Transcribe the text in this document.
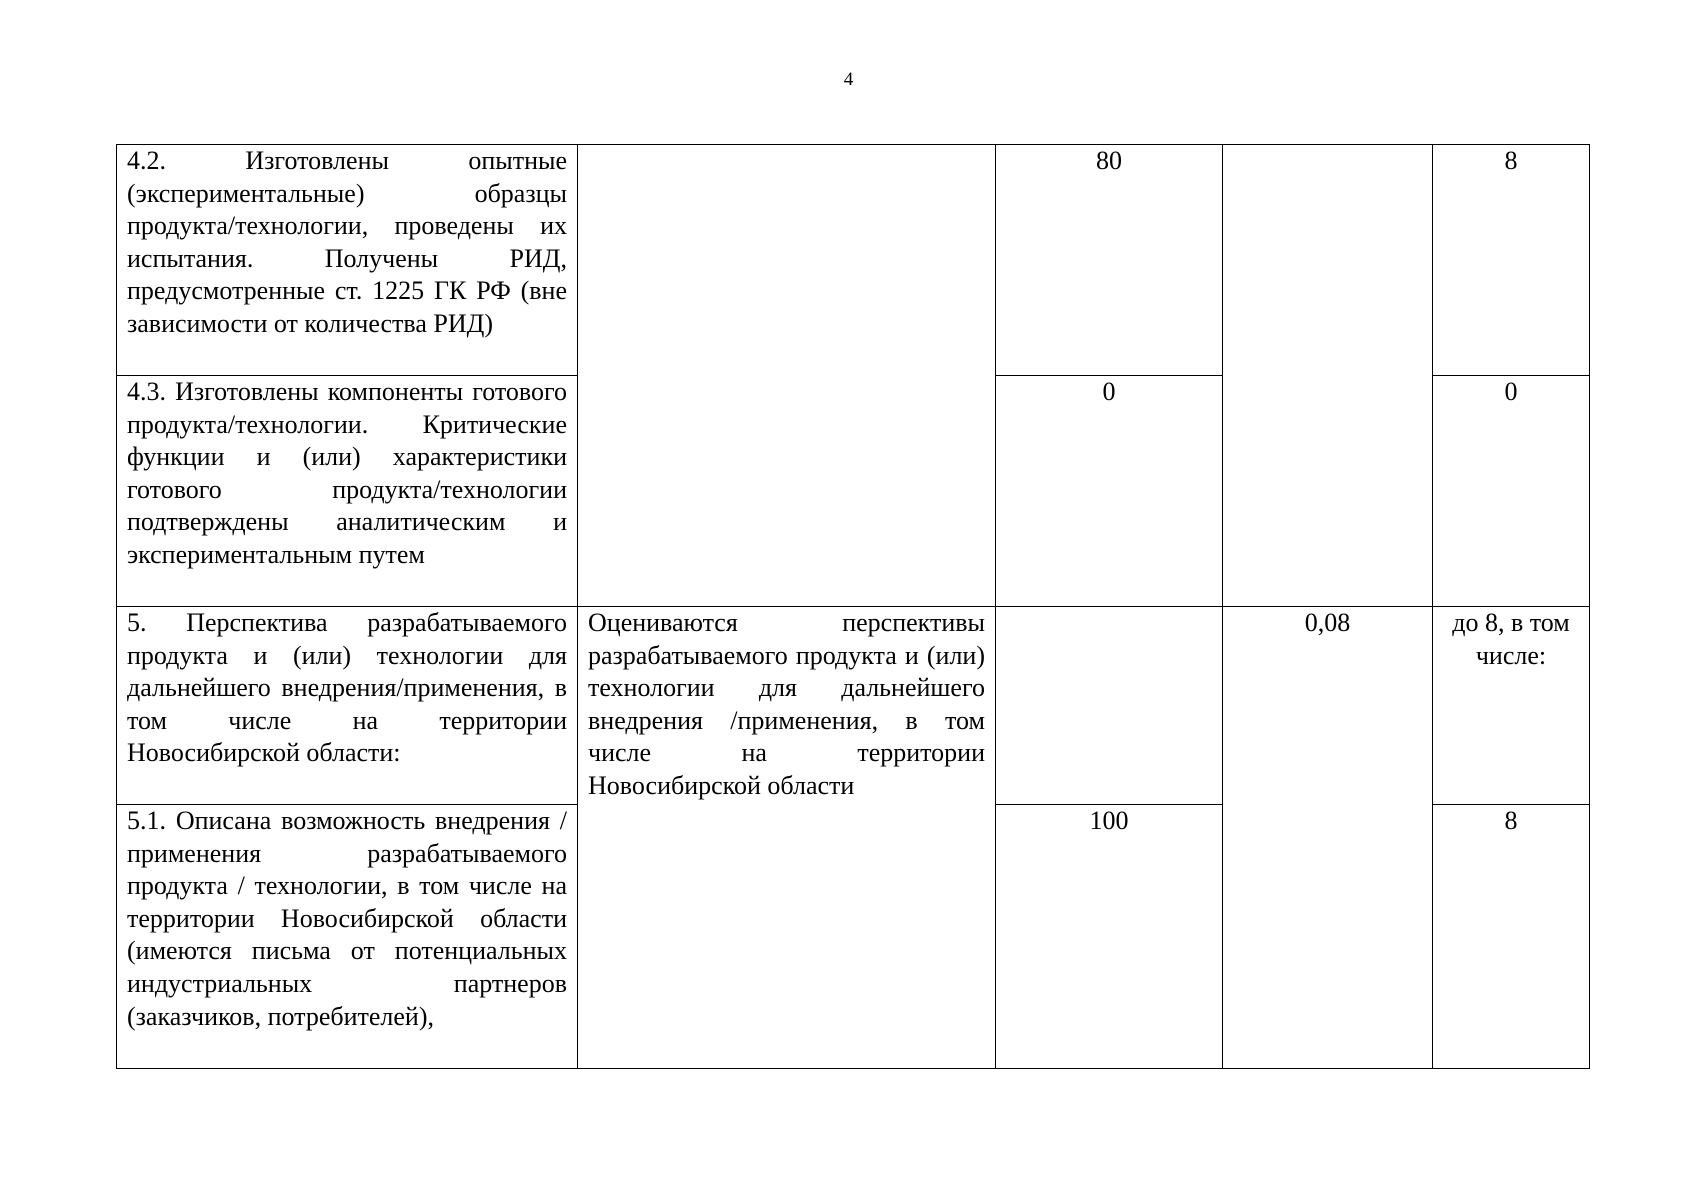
4
4.2. Изготовлены опытные (экспериментальные) образцы продукта/технологии, проведены их испытания. Получены РИД, предусмотренные ст. 1225 ГК РФ (вне зависимости от количества РИД)		80		8

4.3. Изготовлены компоненты готового продукта/технологии. Критические функции и (или) характеристики готового продукта/технологии подтверждены аналитическим и экспериментальным путем		0		0

5. Перспектива разрабатываемого продукта и (или) технологии для дальнейшего внедрения/применения, в том числе на территории Новосибирской области:	Оцениваются перспективы разрабатываемого продукта и (или) технологии для дальнейшего внедрения /применения, в том числе на территории Новосибирской области		0,08	до 8, в том числе:

5.1. Описана возможность внедрения / применения разрабатываемого продукта / технологии, в том числе на территории Новосибирской области (имеются письма от потенциальных индустриальных партнеров (заказчиков, потребителей),		100		8
